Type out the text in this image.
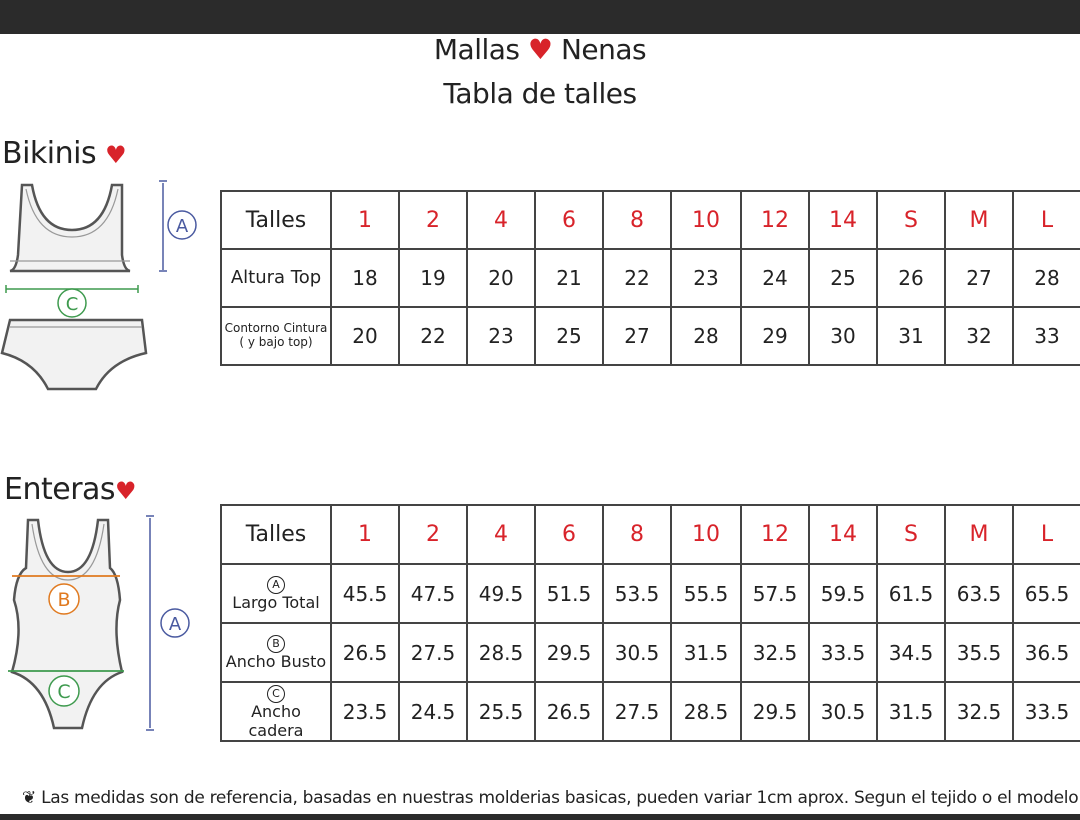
Mallas ♥ Nenas
Tabla de talles
Bikinis ♥
A
C
Talles	1	2	4	6	8	10	12	14	S	M	L
Altura Top	18	19	20	21	22	23	24	25	26	27	28

Contorno Cintura
( y bajo top)	20	22	23	25	27	28	29	30	31	32	33
Enteras♥
B
C
A
Talles	1	2	4	6	8	10	12	14	S	M	L

A
Largo Total	45.5	47.5	49.5	51.5	53.5	55.5	57.5	59.5	61.5	63.5	65.5

B
Ancho Busto	26.5	27.5	28.5	29.5	30.5	31.5	32.5	33.5	34.5	35.5	36.5

C
Ancho cadera	23.5	24.5	25.5	26.5	27.5	28.5	29.5	30.5	31.5	32.5	33.5
❦ Las medidas son de referencia, basadas en nuestras molderias basicas, pueden variar 1cm aprox. Segun el tejido o el modelo
